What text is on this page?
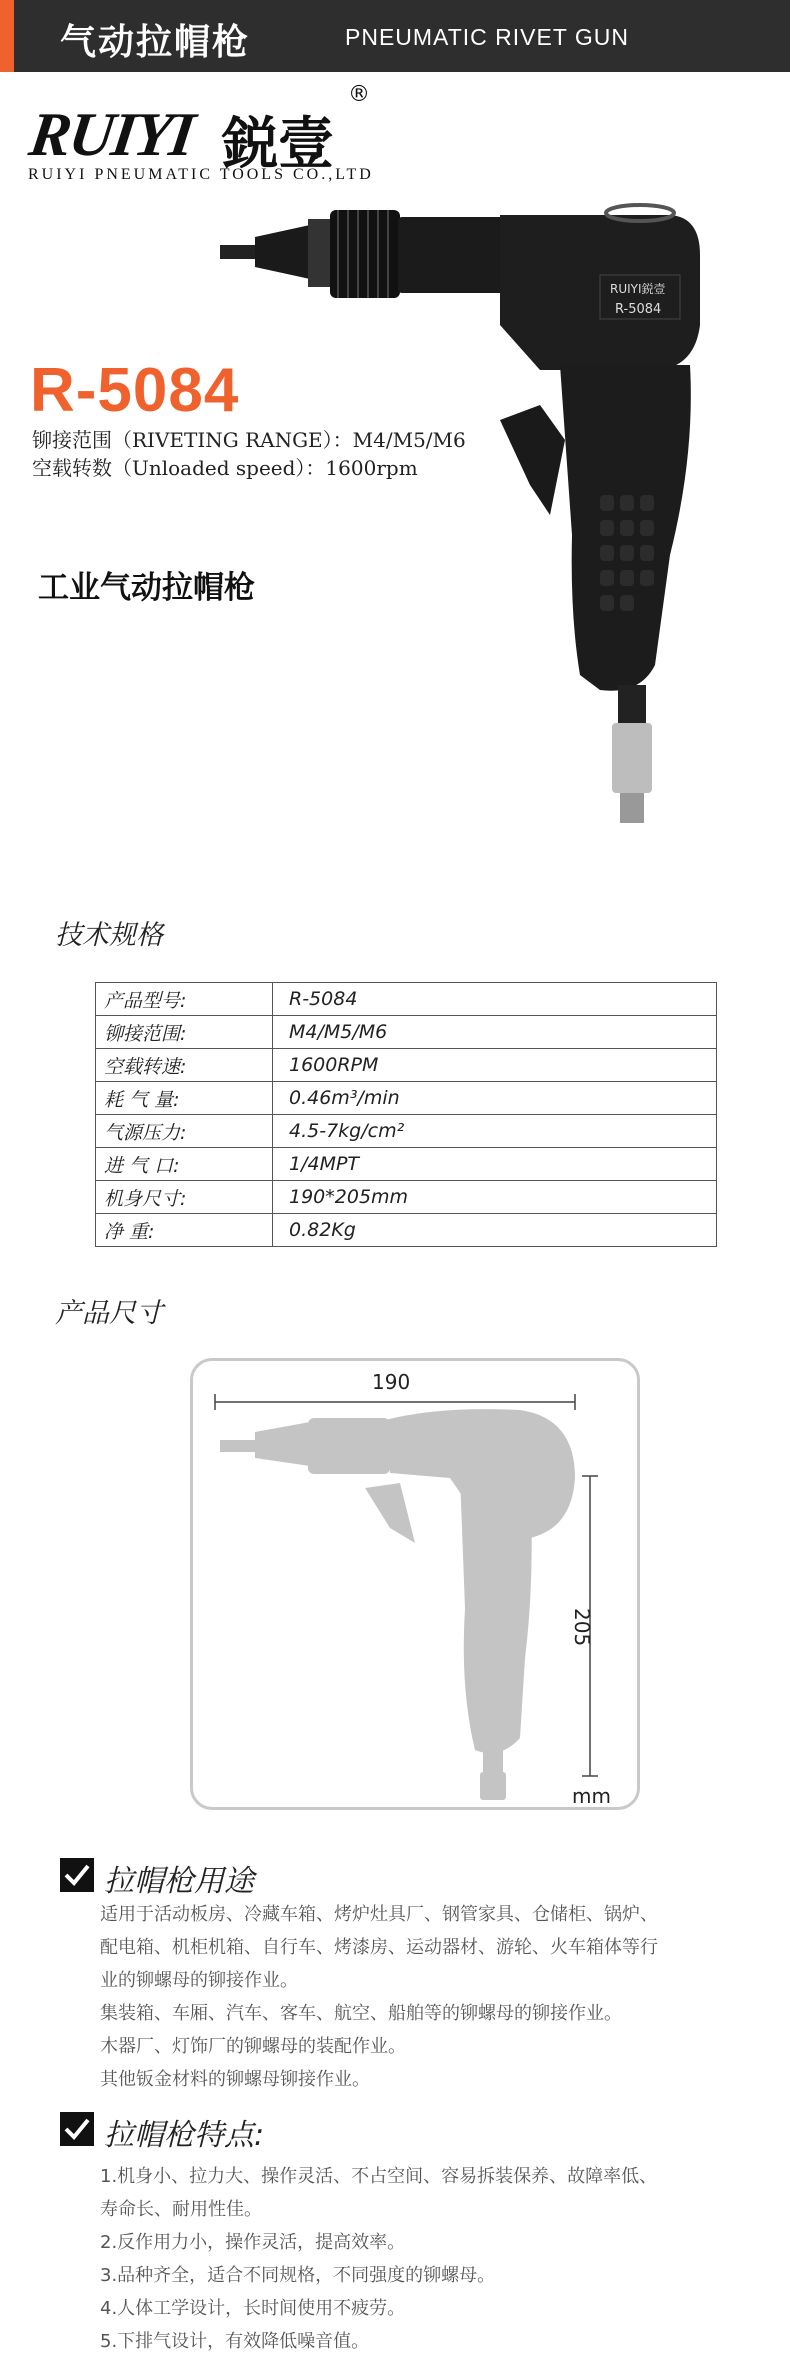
气动拉帽枪	PNEUMATIC RIVET GUN
RUIYI 鋭壹
®
RUIYI PNEUMATIC TOOLS CO.,LTD
RUIYI鋭壹
R-5084
R-5084
铆接范围（RIVETING RANGE）：M4/M5/M6
空载转数（Unloaded speed）：1600rpm
工业气动拉帽枪
技术规格
产品型号:	R-5084
铆接范围:	M4/M5/M6
空载转速:	1600RPM
耗 气 量:	0.46m³/min
气源压力:	4.5-7kg/cm²
进 气 口:	1/4MPT
机身尺寸:	190*205mm
净 重:	0.82Kg
产品尺寸
190
205
mm
拉帽枪用途
适用于活动板房、冷藏车箱、烤炉灶具厂、钢管家具、仓储柜、锅炉、
配电箱、机柜机箱、自行车、烤漆房、运动器材、游轮、火车箱体等行
业的铆螺母的铆接作业。
集装箱、车厢、汽车、客车、航空、船舶等的铆螺母的铆接作业。
木器厂、灯饰厂的铆螺母的装配作业。
其他钣金材料的铆螺母铆接作业。
拉帽枪特点:
1.机身小、拉力大、操作灵活、不占空间、容易拆装保养、故障率低、
寿命长、耐用性佳。
2.反作用力小，操作灵活，提高效率。
3.品种齐全，适合不同规格，不同强度的铆螺母。
4.人体工学设计，长时间使用不疲劳。
5.下排气设计，有效降低噪音值。
